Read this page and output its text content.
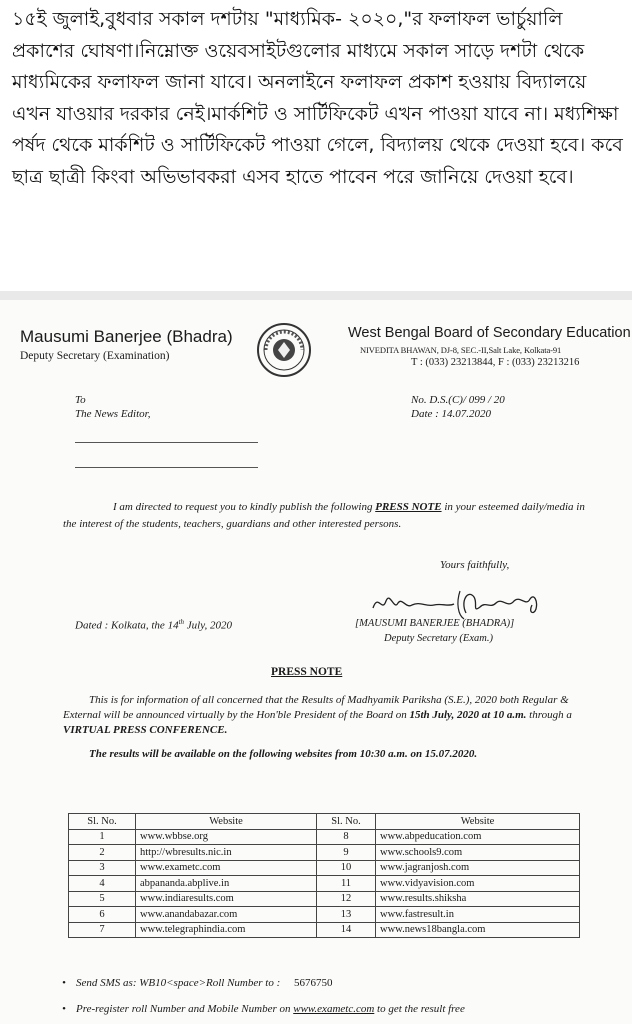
১৫ই জুলাই,বুধবার সকাল দশটায় "মাধ্যমিক- ২০২০,"র ফলাফল ভার্চুয়ালি প্রকাশের ঘোষণা।নিম্নোক্ত ওয়েবসাইটগুলোর মাধ্যমে সকাল সাড়ে দশটা থেকে মাধ্যমিকের ফলাফল জানা যাবে। অনলাইনে ফলাফল প্রকাশ হওয়ায় বিদ্যালয়ে এখন যাওয়ার দরকার নেই।মার্কশিট ও সার্টিফিকেট এখন পাওয়া যাবে না। মধ্যশিক্ষা পর্ষদ থেকে মার্কশিট ও সার্টিফিকেট পাওয়া গেলে, বিদ্যালয় থেকে দেওয়া হবে। কবে ছাত্র ছাত্রী কিংবা অভিভাবকরা এসব হাতে পাবেন পরে জানিয়ে দেওয়া হবে।
Mausumi Banerjee (Bhadra)
Deputy Secretary (Examination)
West Bengal Board of Secondary Education
NIVEDITA BHAWAN, DJ-8, SEC.-II,Salt Lake, Kolkata-91
T : (033) 23213844, F : (033) 23213216
To
The News Editor,
No. D.S.(C)/ 099 / 20
Date : 14.07.2020
I am directed to request you to kindly publish the following PRESS NOTE in your esteemed daily/media in the interest of the students, teachers, guardians and other interested persons.
Yours faithfully,
Dated : Kolkata, the 14th July, 2020	[MAUSUMI BANERJEE (BHADRA)]
Deputy Secretary (Exam.)
PRESS NOTE
This is for information of all concerned that the Results of Madhyamik Pariksha (S.E.), 2020 both Regular & External will be announced virtually by the Hon'ble President of the Board on 15th July, 2020 at 10 a.m. through a VIRTUAL PRESS CONFERENCE.
The results will be available on the following websites from 10:30 a.m. on 15.07.2020.
Sl. No.	Website	Sl. No.	Website
1	www.wbbse.org	8	www.abpeducation.com
2	http://wbresults.nic.in	9	www.schools9.com
3	www.exametc.com	10	www.jagranjosh.com
4	abpananda.abplive.in	11	www.vidyavision.com
5	www.indiaresults.com	12	www.results.shiksha
6	www.anandabazar.com	13	www.fastresult.in
7	www.telegraphindia.com	14	www.news18bangla.com
• Send SMS as: WB10<space>Roll Number to : 5676750
• Pre-register roll Number and Mobile Number on www.exametc.com to get the result free
